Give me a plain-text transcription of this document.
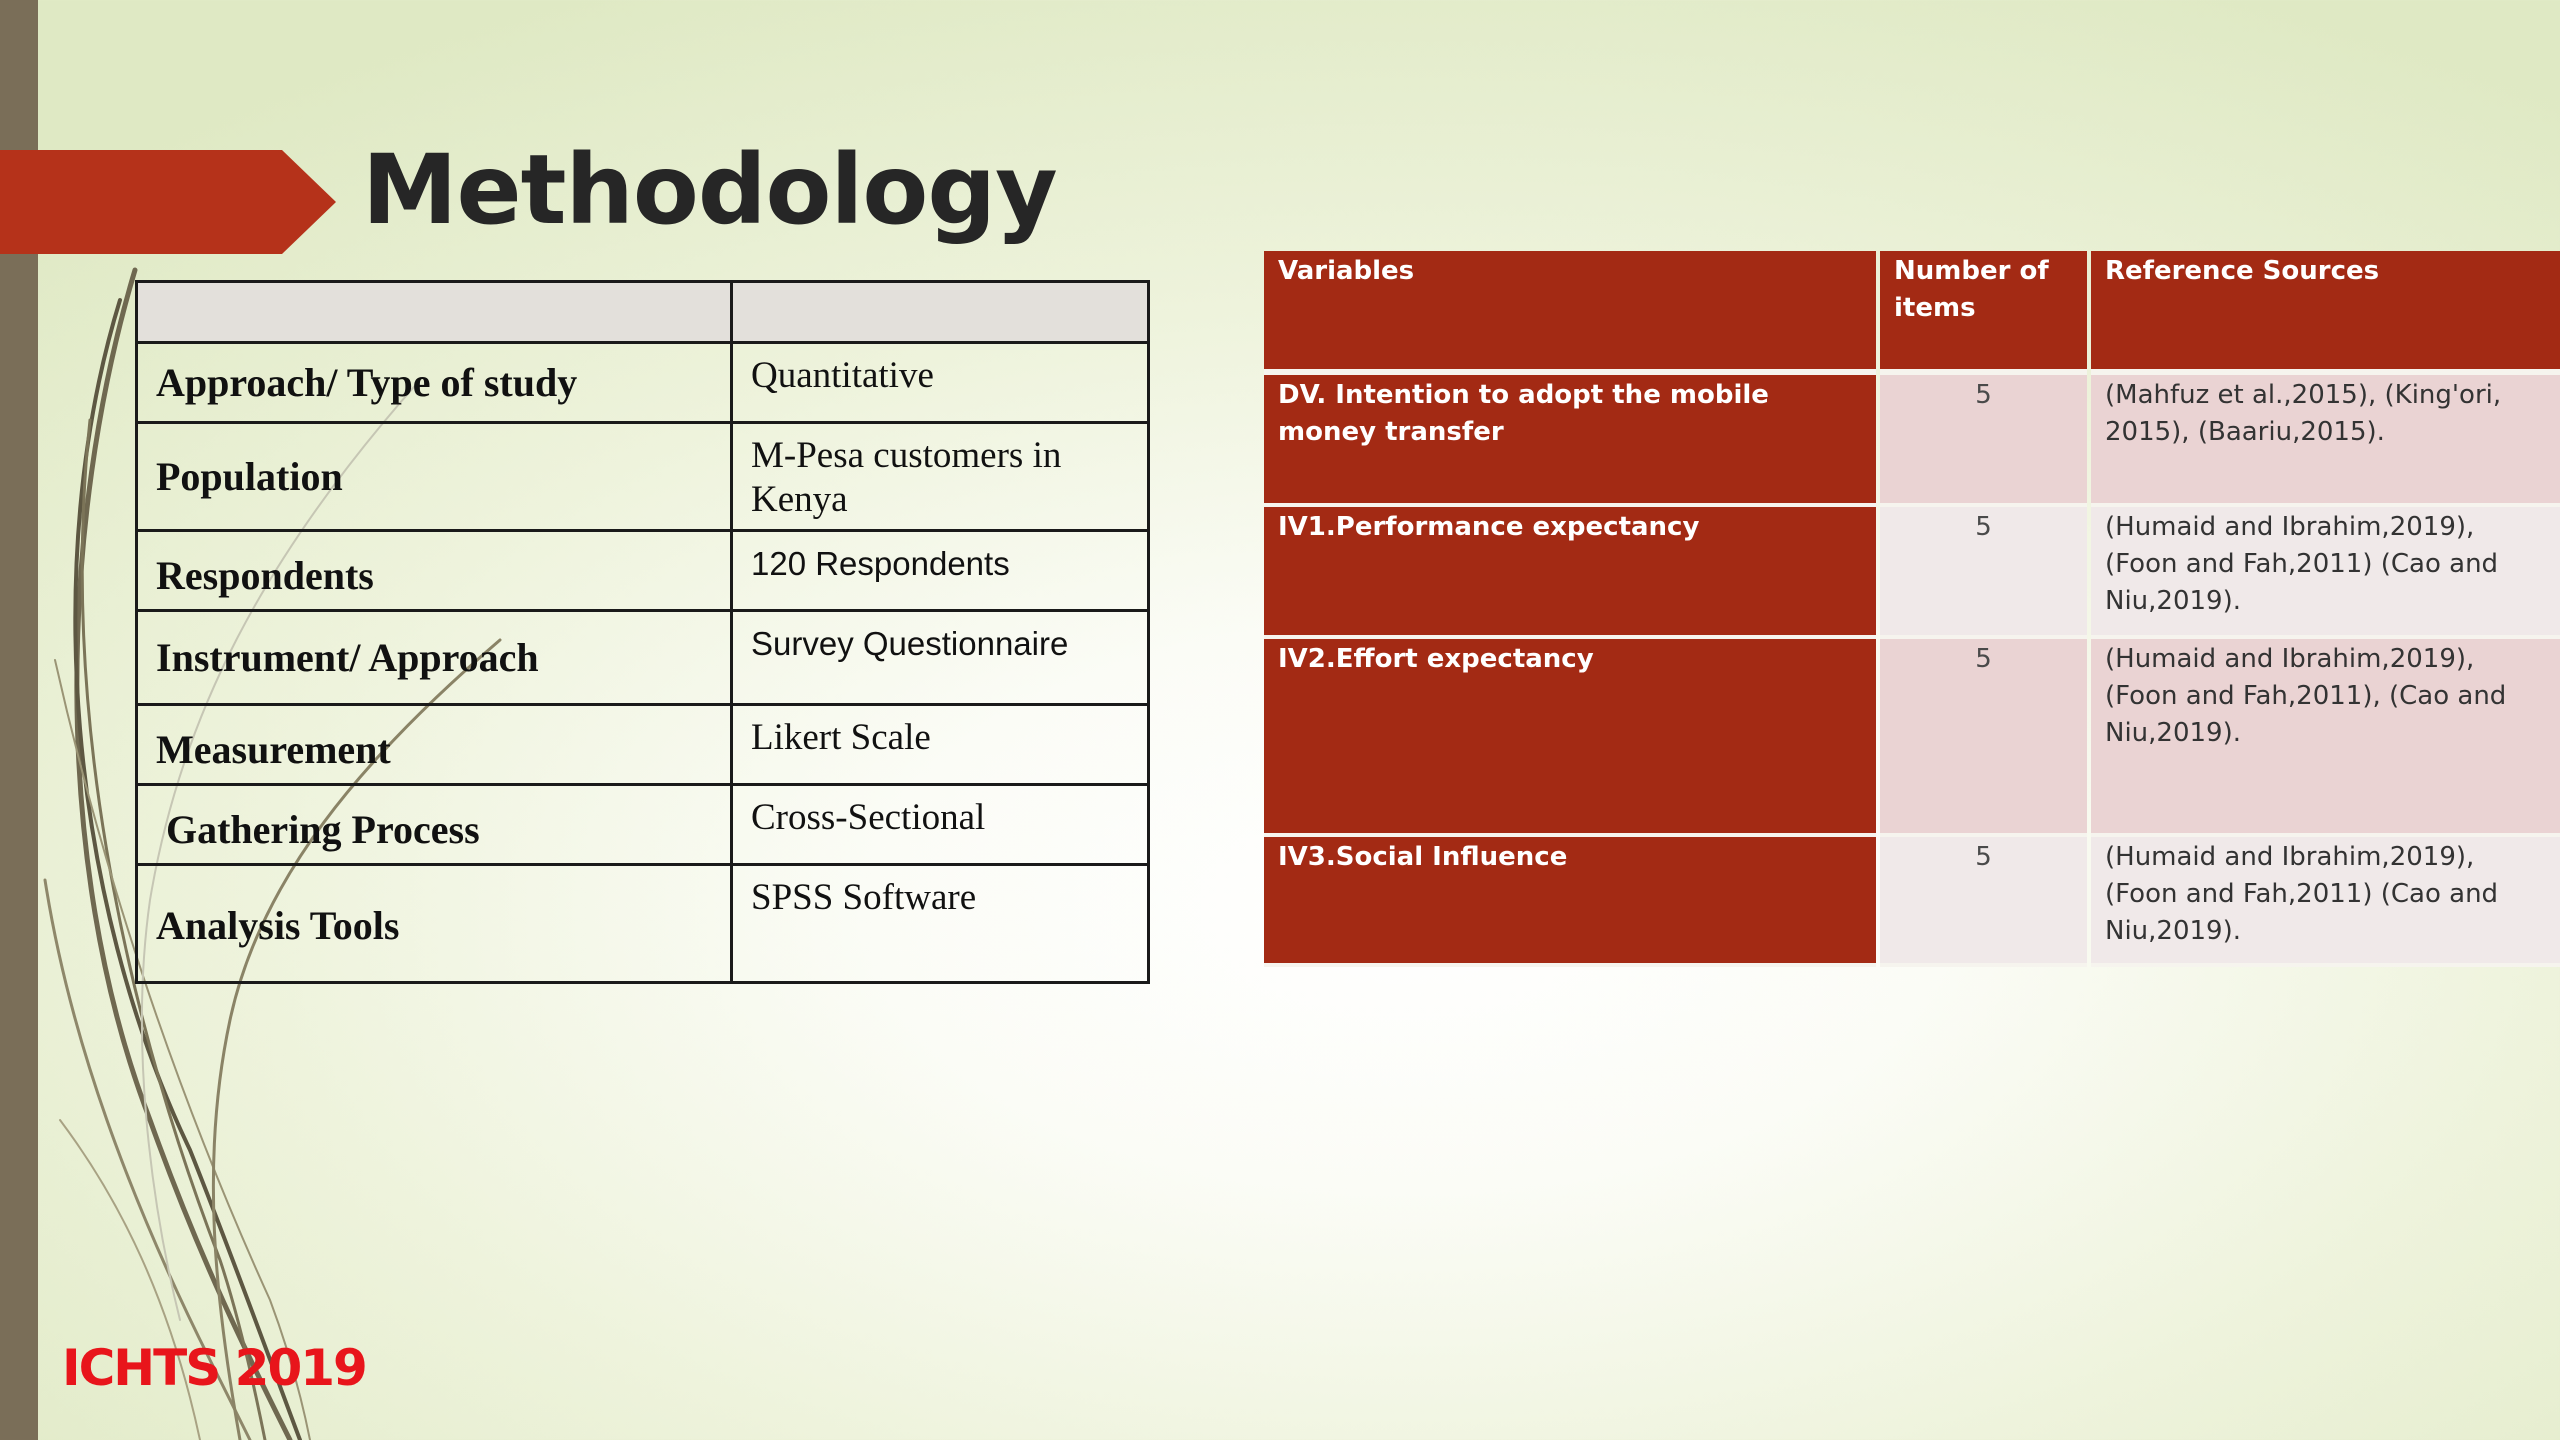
Methodology

Approach/ Type of study	Quantitative
Population	M-Pesa customers in Kenya
Respondents	120 Respondents
Instrument/ Approach	Survey Questionnaire
Measurement	Likert Scale
Gathering Process	Cross-Sectional
Analysis Tools	SPSS Software
Variables	Number of items	Reference Sources
DV. Intention to adopt the mobile money transfer	5	(Mahfuz et al.,2015), (King'ori, 2015), (Baariu,2015).
IV1.Performance expectancy	5	(Humaid and Ibrahim,2019), (Foon and Fah,2011) (Cao and Niu,2019).
IV2.Effort expectancy	5	(Humaid and Ibrahim,2019), (Foon and Fah,2011), (Cao and Niu,2019).
IV3.Social Influence	5	(Humaid and Ibrahim,2019), (Foon and Fah,2011) (Cao and Niu,2019).
ICHTS 2019
